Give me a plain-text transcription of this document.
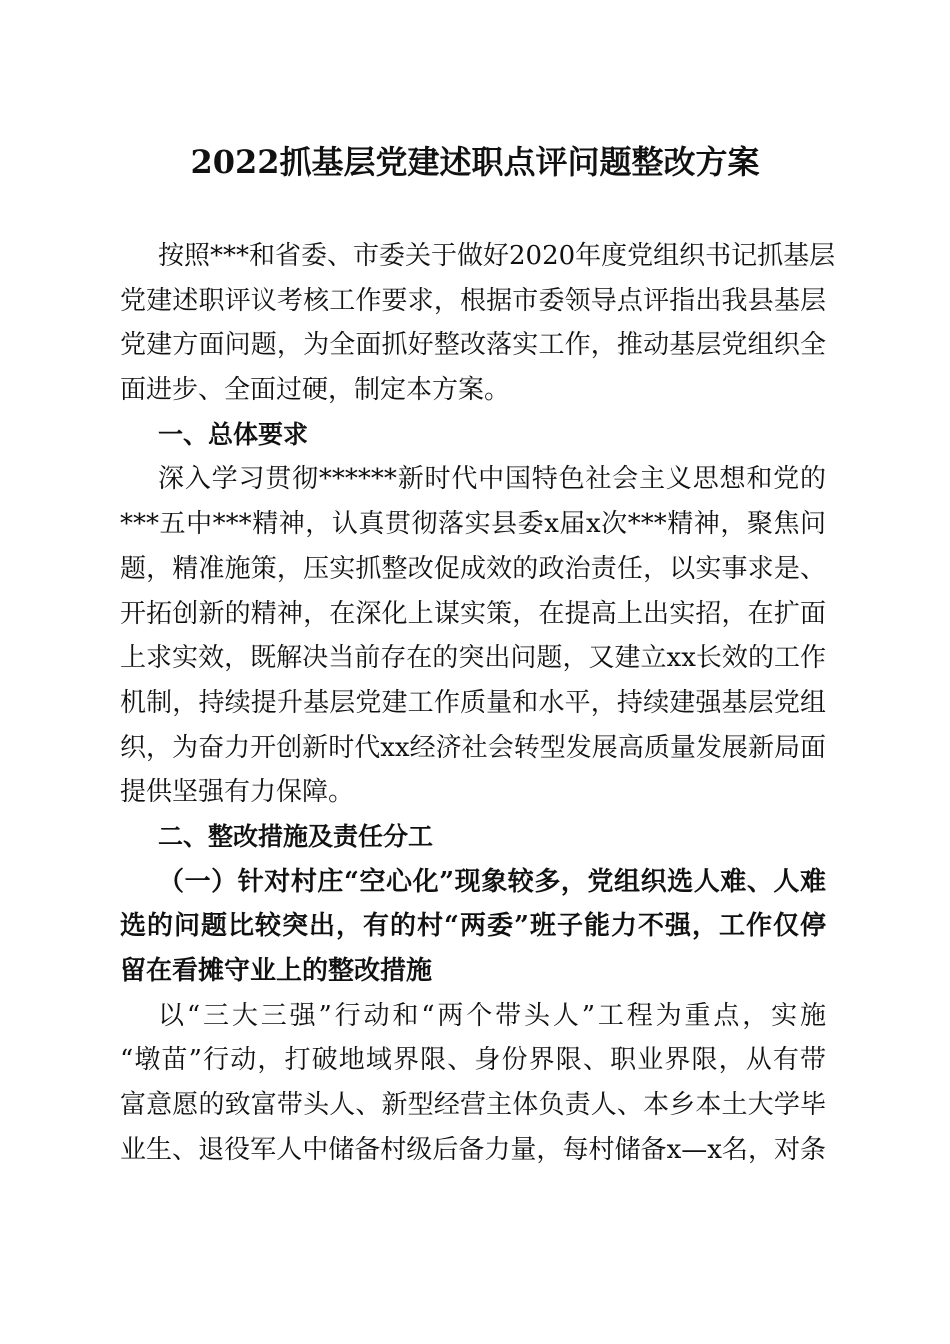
2022抓基层党建述职点评问题整改方案
按照***和省委、市委关于做好2020年度党组织书记抓基层
党建述职评议考核工作要求，根据市委领导点评指出我县基层
党建方面问题，为全面抓好整改落实工作，推动基层党组织全
面进步、全面过硬，制定本方案。
一、总体要求
深入学习贯彻******新时代中国特色社会主义思想和党的
***五中***精神，认真贯彻落实县委x届x次***精神，聚焦问
题，精准施策，压实抓整改促成效的政治责任，以实事求是、
开拓创新的精神，在深化上谋实策，在提高上出实招，在扩面
上求实效，既解决当前存在的突出问题，又建立xx长效的工作
机制，持续提升基层党建工作质量和水平，持续建强基层党组
织，为奋力开创新时代xx经济社会转型发展高质量发展新局面
提供坚强有力保障。
二、整改措施及责任分工
（一）针对村庄“空心化”现象较多，党组织选人难、人难
选的问题比较突出，有的村“两委”班子能力不强，工作仅停
留在看摊守业上的整改措施
以“三大三强”行动和“两个带头人”工程为重点，实施
“墩苗”行动，打破地域界限、身份界限、职业界限，从有带
富意愿的致富带头人、新型经营主体负责人、本乡本土大学毕
业生、退役军人中储备村级后备力量，每村储备x—x名，对条
